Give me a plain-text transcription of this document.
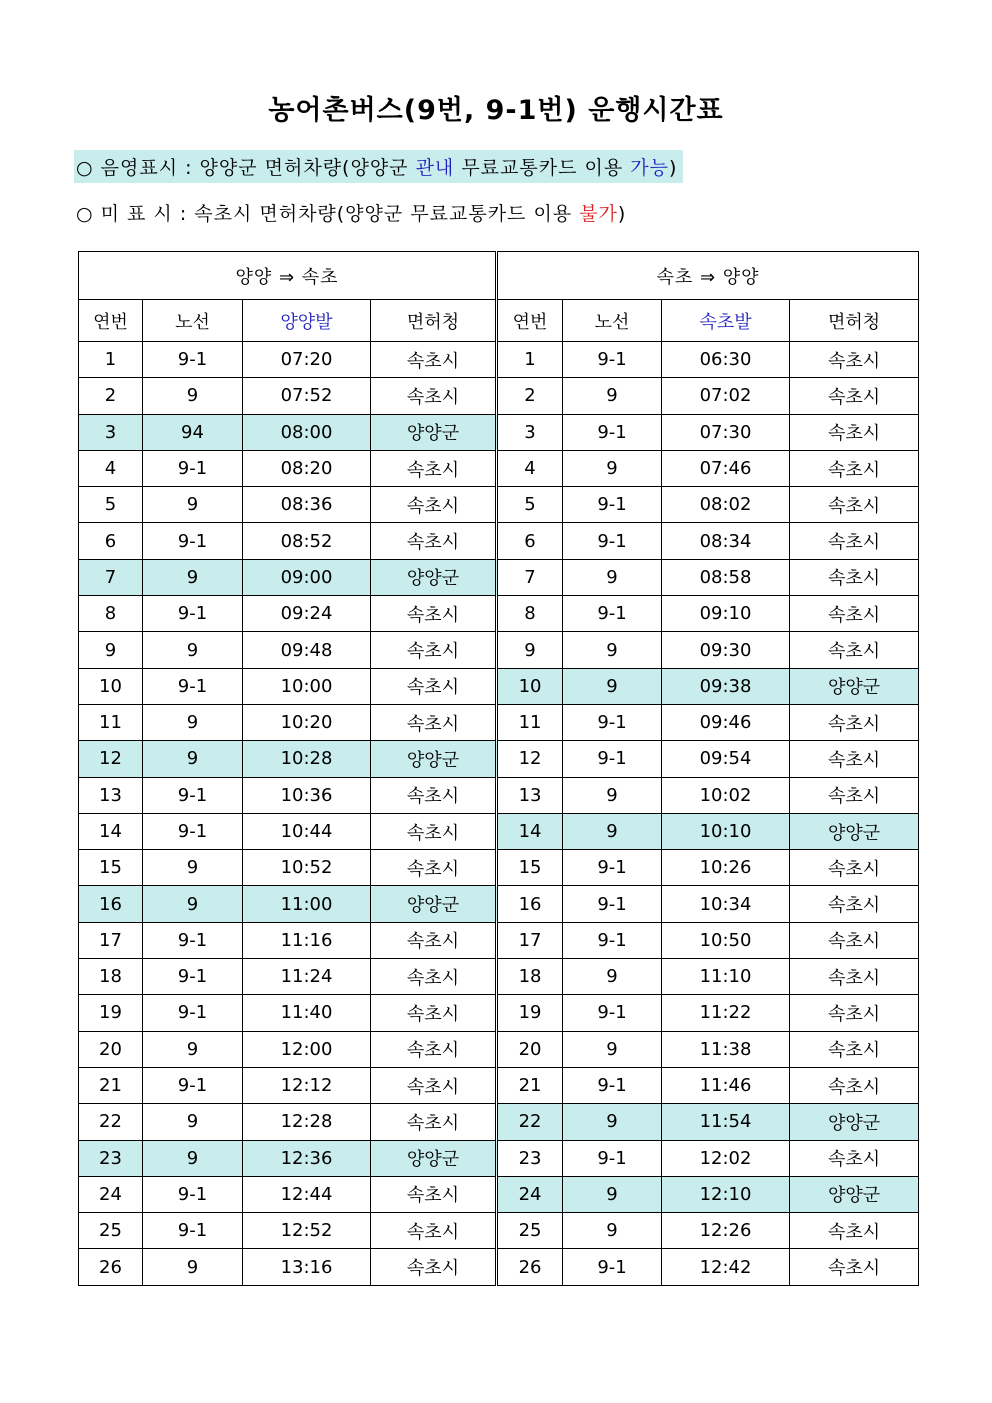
농어촌버스(9번, 9-1번) 운행시간표
○ 음영표시 : 양양군 면허차량(양양군 관내 무료교통카드 이용 가능)
○ 미 표 시 : 속초시 면허차량(양양군 무료교통카드 이용 불가)
양양 ⇒ 속초				속초 ⇒ 양양			
연번	노선	양양발	면허청	연번	노선	속초발	면허청
1	9-1	07:20	속초시	1	9-1	06:30	속초시
2	9	07:52	속초시	2	9	07:02	속초시
3	94	08:00	양양군	3	9-1	07:30	속초시
4	9-1	08:20	속초시	4	9	07:46	속초시
5	9	08:36	속초시	5	9-1	08:02	속초시
6	9-1	08:52	속초시	6	9-1	08:34	속초시
7	9	09:00	양양군	7	9	08:58	속초시
8	9-1	09:24	속초시	8	9-1	09:10	속초시
9	9	09:48	속초시	9	9	09:30	속초시
10	9-1	10:00	속초시	10	9	09:38	양양군
11	9	10:20	속초시	11	9-1	09:46	속초시
12	9	10:28	양양군	12	9-1	09:54	속초시
13	9-1	10:36	속초시	13	9	10:02	속초시
14	9-1	10:44	속초시	14	9	10:10	양양군
15	9	10:52	속초시	15	9-1	10:26	속초시
16	9	11:00	양양군	16	9-1	10:34	속초시
17	9-1	11:16	속초시	17	9-1	10:50	속초시
18	9-1	11:24	속초시	18	9	11:10	속초시
19	9-1	11:40	속초시	19	9-1	11:22	속초시
20	9	12:00	속초시	20	9	11:38	속초시
21	9-1	12:12	속초시	21	9-1	11:46	속초시
22	9	12:28	속초시	22	9	11:54	양양군
23	9	12:36	양양군	23	9-1	12:02	속초시
24	9-1	12:44	속초시	24	9	12:10	양양군
25	9-1	12:52	속초시	25	9	12:26	속초시
26	9	13:16	속초시	26	9-1	12:42	속초시
